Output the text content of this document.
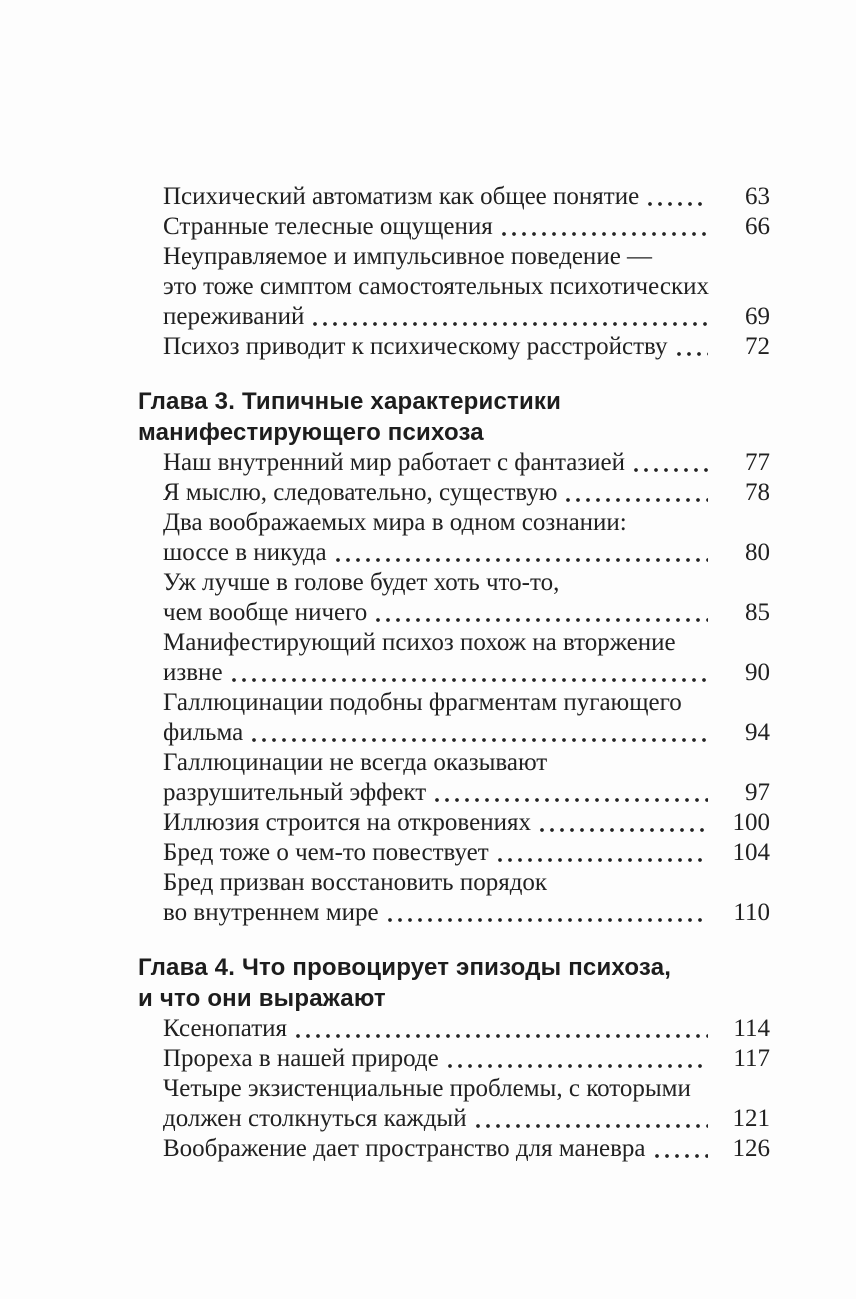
Психический автоматизм как общее понятие	63
Странные телесные ощущения	66
Неуправляемое и импульсивное поведение —
это тоже симптом самостоятельных психотических
переживаний	69
Психоз приводит к психическому расстройству	72
Глава 3. Типичные характеристики
манифестирующего психоза
Наш внутренний мир работает с фантазией	77
Я мыслю, следовательно, существую	78
Два воображаемых мира в одном сознании:
шоссе в никуда	80
Уж лучше в голове будет хоть что-то,
чем вообще ничего	85
Манифестирующий психоз похож на вторжение
извне	90
Галлюцинации подобны фрагментам пугающего
фильма	94
Галлюцинации не всегда оказывают
разрушительный эффект	97
Иллюзия строится на откровениях	100
Бред тоже о чем-то повествует	104
Бред призван восстановить порядок
во внутреннем мире	110
Глава 4. Что провоцирует эпизоды психоза,
и что они выражают
Ксенопатия	114
Прореха в нашей природе	117
Четыре экзистенциальные проблемы, с которыми
должен столкнуться каждый	121
Воображение дает пространство для маневра	126
